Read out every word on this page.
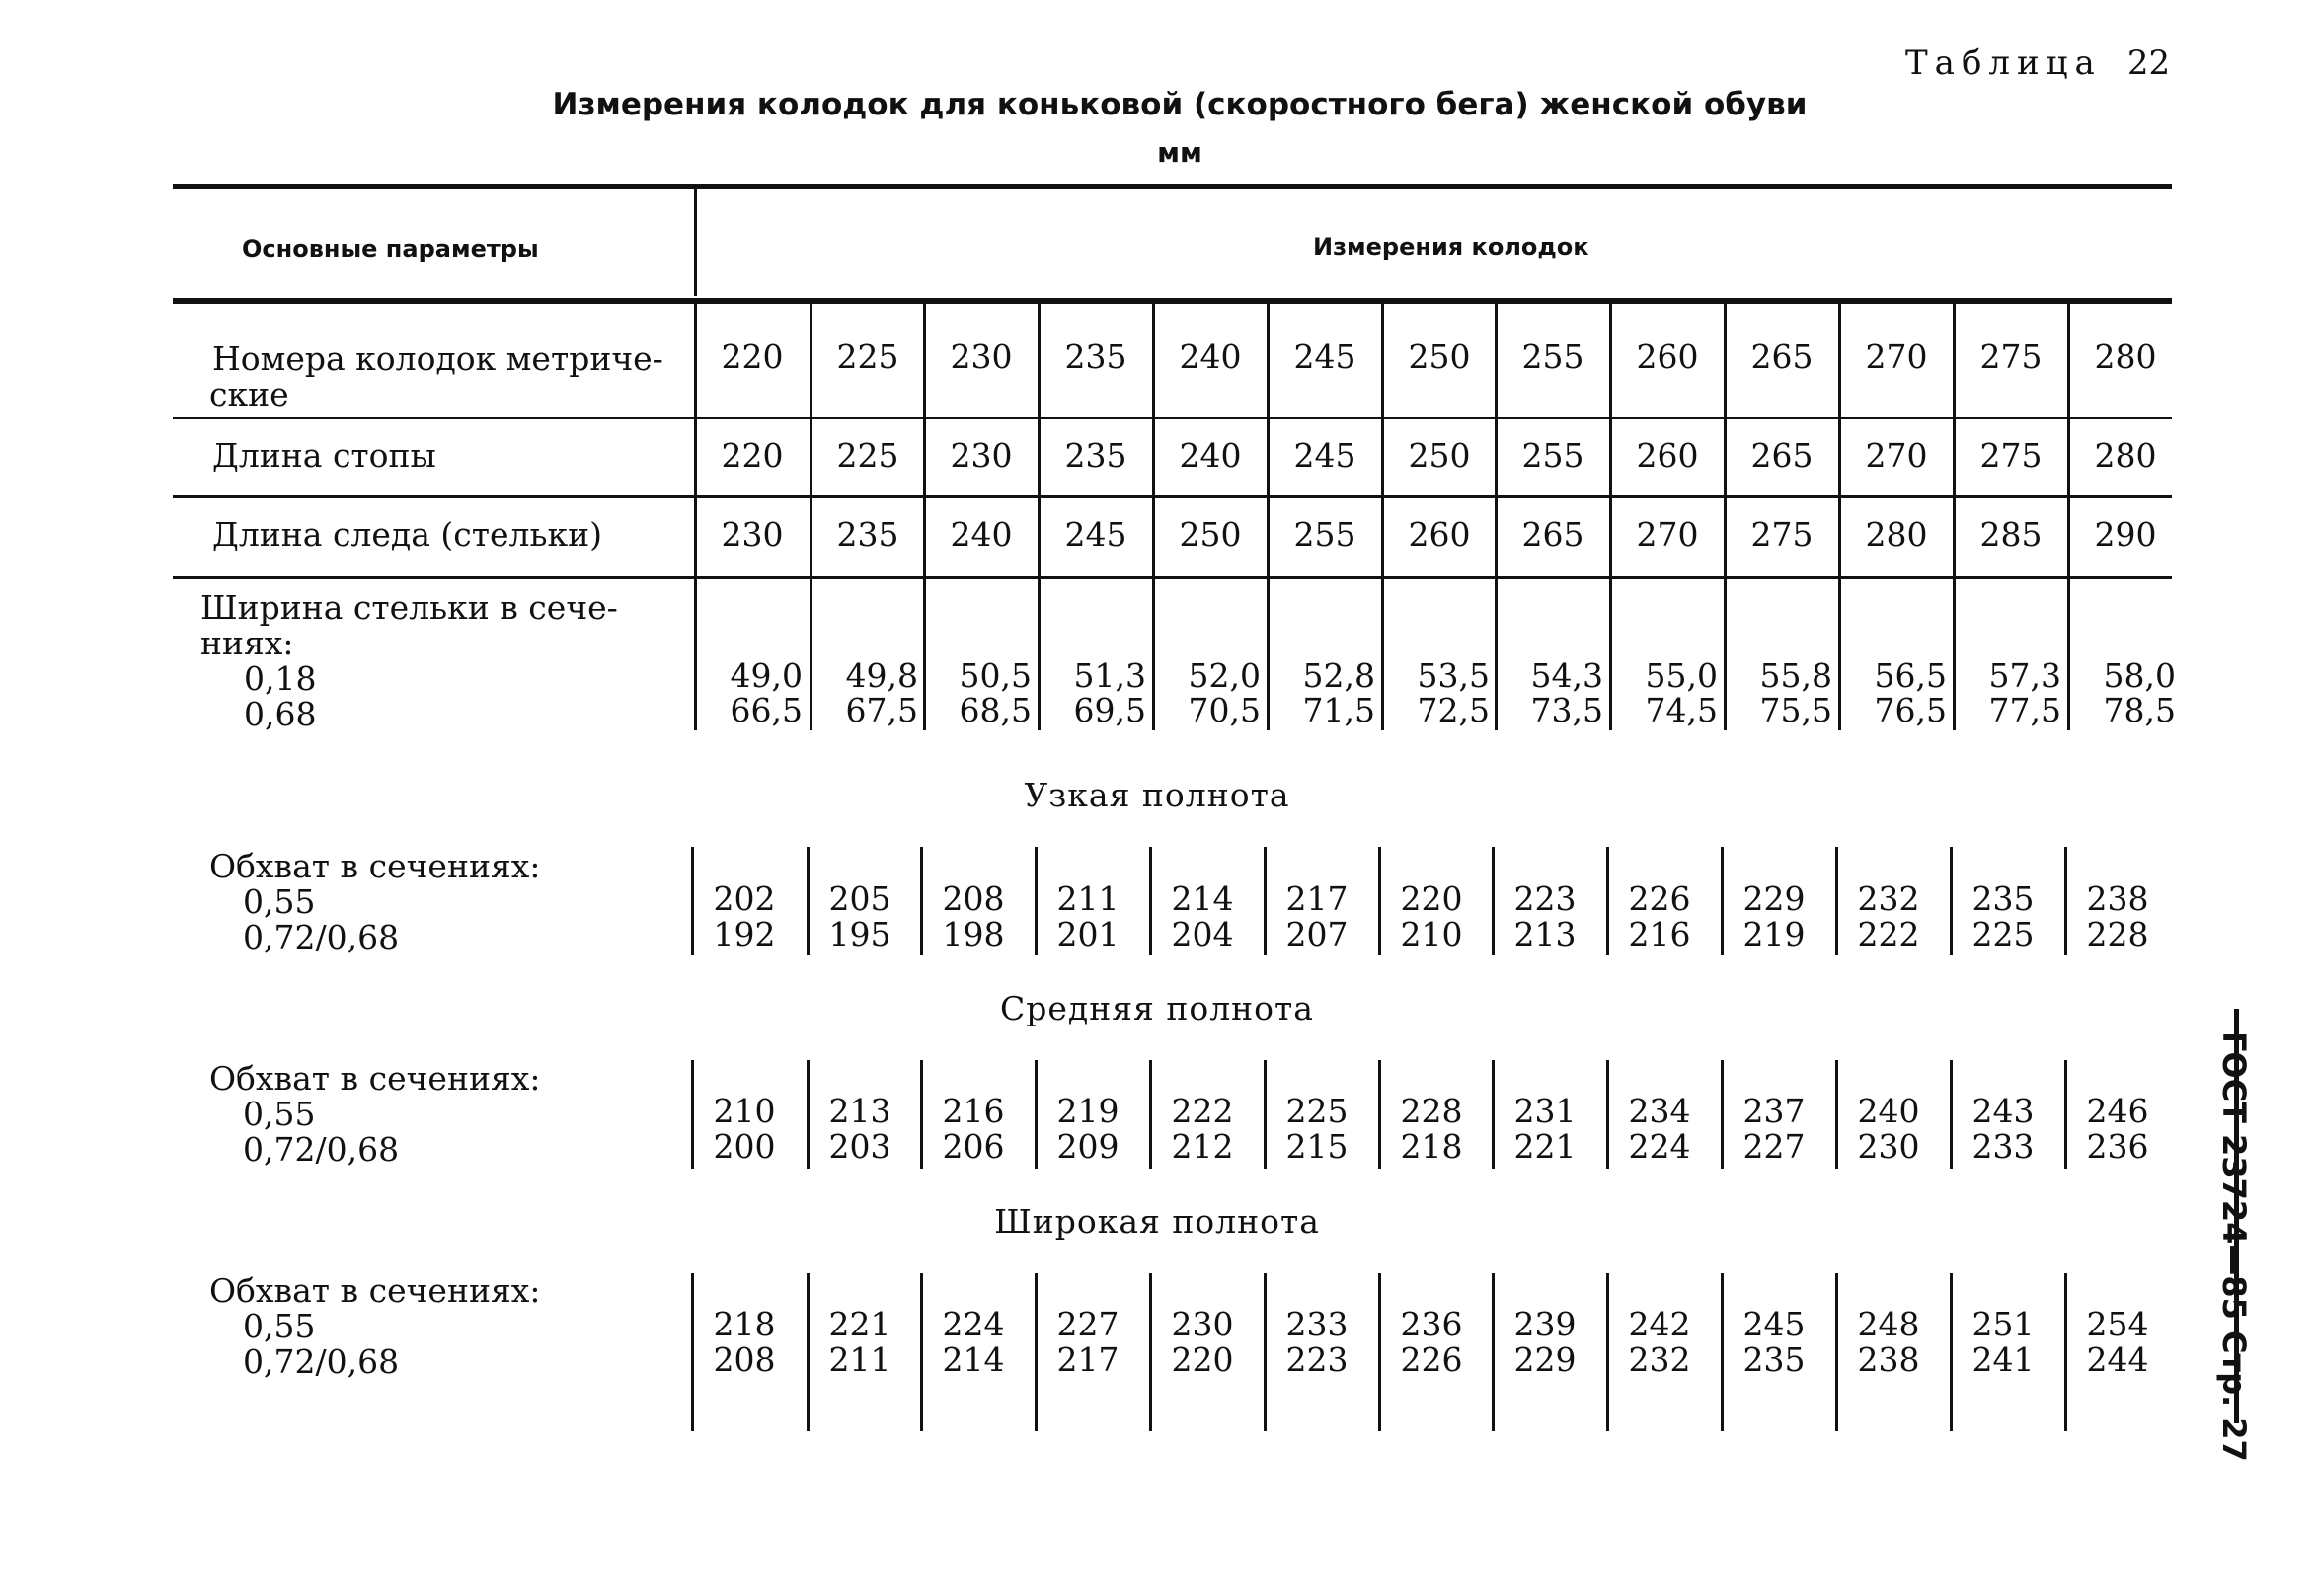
Таблица 22
Измерения колодок для коньковой (скоростного бега) женской обуви
мм
Основные параметры	Измерения колодок
Номера колодок метриче-
ские
Длина стопы
Длина следа (стельки)
Ширина стельки в сече-
ниях:
0,18
0,68
Узкая полнота
Средняя полнота
Широкая полнота
Обхват в сечениях:
0,55
0,72/0,68
Обхват в сечениях:
0,55
0,72/0,68
Обхват в сечениях:
0,55
0,72/0,68
220
220
230
49,0
66,5
225
225
235
49,8
67,5
230
230
240
50,5
68,5
235
235
245
51,3
69,5
240
240
250
52,0
70,5
245
245
255
52,8
71,5
250
250
260
53,5
72,5
255
255
265
54,3
73,5
260
260
270
55,0
74,5
265
265
275
55,8
75,5
270
270
280
56,5
76,5
275
275
285
57,3
77,5
280
280
290
58,0
78,5
202
192
205
195
208
198
211
201
214
204
217
207
220
210
223
213
226
216
229
219
232
222
235
225
238
228
210
200
213
203
216
206
219
209
222
212
225
215
228
218
231
221
234
224
237
227
240
230
243
233
246
236
218
208
221
211
224
214
227
217
230
220
233
223
236
226
239
229
242
232
245
235
248
238
251
241
254
244	ГОСТ 23724—85 Стр. 27
